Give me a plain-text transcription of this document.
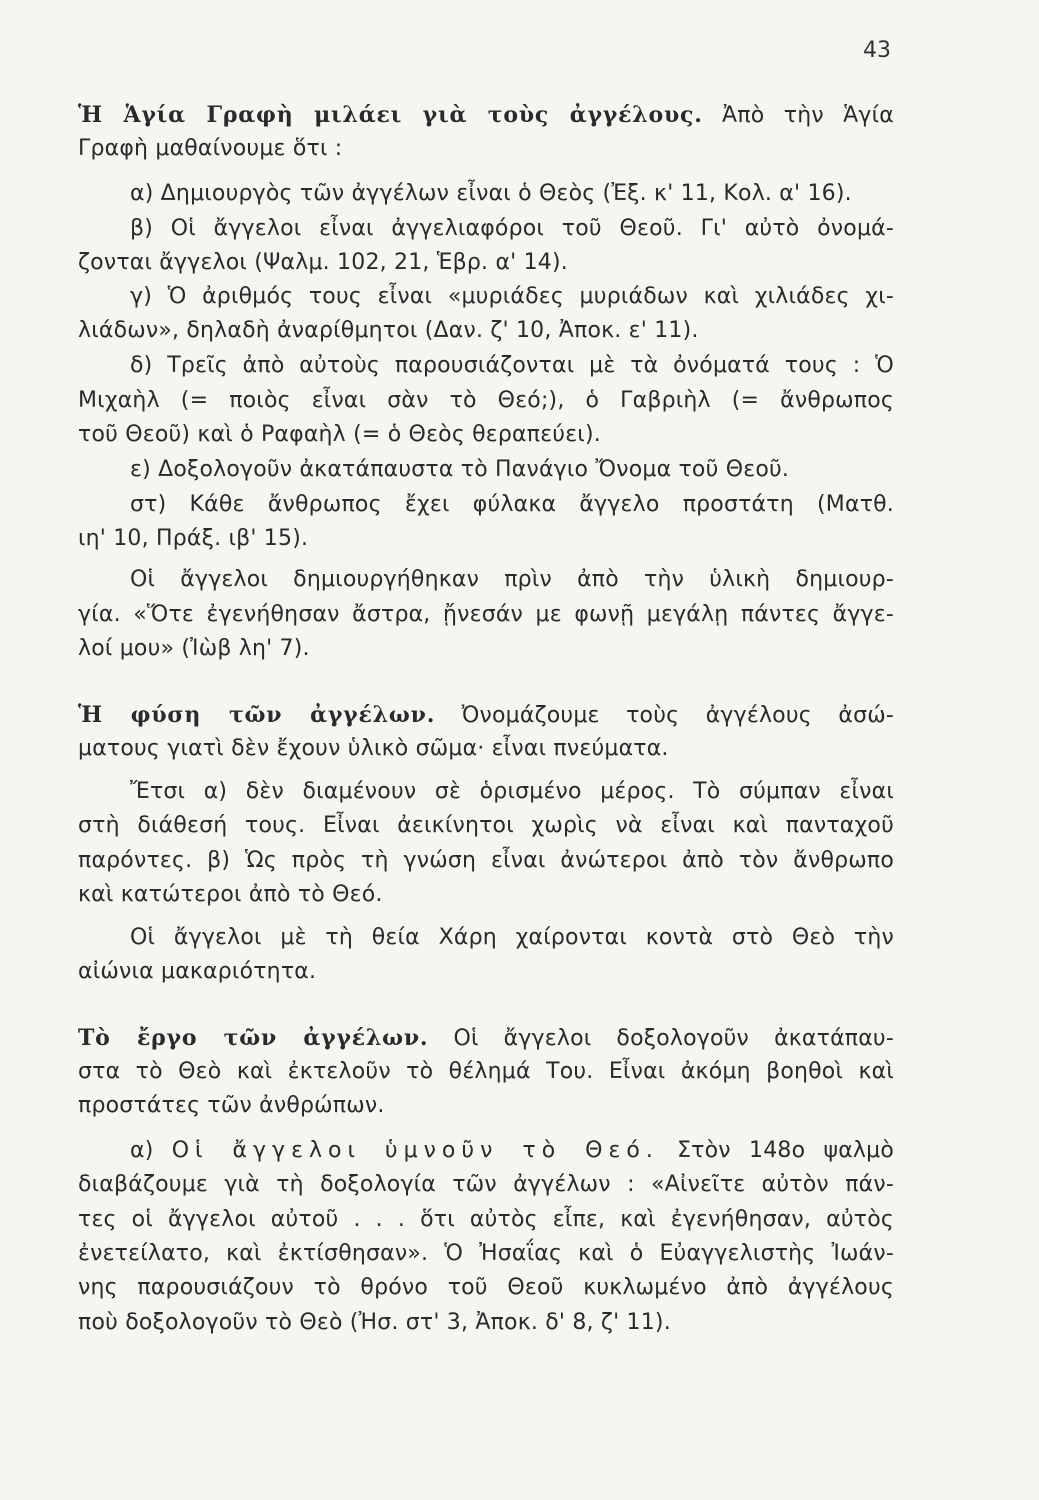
43
Ἡ Ἁγία Γραφὴ μιλάει γιὰ τοὺς ἀγγέλους. Ἀπὸ τὴν Ἁγία
Γραφὴ μαθαίνουμε ὅτι :
α) Δημιουργὸς τῶν ἀγγέλων εἶναι ὁ Θεὸς (Ἐξ. κ' 11, Κολ. α' 16).
β) Οἱ ἄγγελοι εἶναι ἀγγελιαφόροι τοῦ Θεοῦ. Γι' αὐτὸ ὀνομά-
ζονται ἄγγελοι (Ψαλμ. 102, 21, Ἑβρ. α' 14).
γ) Ὁ ἀριθμός τους εἶναι «μυριάδες μυριάδων καὶ χιλιάδες χι-
λιάδων», δηλαδὴ ἀναρίθμητοι (Δαν. ζ' 10, Ἀποκ. ε' 11).
δ) Τρεῖς ἀπὸ αὐτοὺς παρουσιάζονται μὲ τὰ ὀνόματά τους : Ὁ
Μιχαὴλ (= ποιὸς εἶναι σὰν τὸ Θεό;), ὁ Γαβριὴλ (= ἄνθρωπος
τοῦ Θεοῦ) καὶ ὁ Ραφαὴλ (= ὁ Θεὸς θεραπεύει).
ε) Δοξολογοῦν ἀκατάπαυστα τὸ Πανάγιο Ὄνομα τοῦ Θεοῦ.
στ) Κάθε ἄνθρωπος ἔχει φύλακα ἄγγελο προστάτη (Ματθ.
ιη' 10, Πράξ. ιβ' 15).
Οἱ ἄγγελοι δημιουργήθηκαν πρὶν ἀπὸ τὴν ὑλικὴ δημιουρ-
γία. «Ὅτε ἐγενήθησαν ἄστρα, ᾔνεσάν με φωνῇ μεγάλῃ πάντες ἄγγε-
λοί μου» (Ἰὼβ λη' 7).
Ἡ φύση τῶν ἀγγέλων. Ὀνομάζουμε τοὺς ἀγγέλους ἀσώ-
ματους γιατὶ δὲν ἔχουν ὑλικὸ σῶμα· εἶναι πνεύματα.
Ἔτσι α) δὲν διαμένουν σὲ ὁρισμένο μέρος. Τὸ σύμπαν εἶναι
στὴ διάθεσή τους. Εἶναι ἀεικίνητοι χωρὶς νὰ εἶναι καὶ πανταχοῦ
παρόντες. β) Ὡς πρὸς τὴ γνώση εἶναι ἀνώτεροι ἀπὸ τὸν ἄνθρωπο
καὶ κατώτεροι ἀπὸ τὸ Θεό.
Οἱ ἄγγελοι μὲ τὴ θεία Χάρη χαίρονται κοντὰ στὸ Θεὸ τὴν
αἰώνια μακαριότητα.
Τὸ ἔργο τῶν ἀγγέλων. Οἱ ἄγγελοι δοξολογοῦν ἀκατάπαυ-
στα τὸ Θεὸ καὶ ἐκτελοῦν τὸ θέλημά Του. Εἶναι ἀκόμη βοηθοὶ καὶ
προστάτες τῶν ἀνθρώπων.
α) Οἱ ἄγγελοι ὑμνοῦν τὸ Θεό. Στὸν 148ο ψαλμὸ
διαβάζουμε γιὰ τὴ δοξολογία τῶν ἀγγέλων : «Αἰνεῖτε αὐτὸν πάν-
τες οἱ ἄγγελοι αὐτοῦ . . . ὅτι αὐτὸς εἶπε, καὶ ἐγενήθησαν, αὐτὸς
ἐνετείλατο, καὶ ἐκτίσθησαν». Ὁ Ἠσαΐας καὶ ὁ Εὐαγγελιστὴς Ἰωάν-
νης παρουσιάζουν τὸ θρόνο τοῦ Θεοῦ κυκλωμένο ἀπὸ ἀγγέλους
ποὺ δοξολογοῦν τὸ Θεὸ (Ἠσ. στ' 3, Ἀποκ. δ' 8, ζ' 11).
